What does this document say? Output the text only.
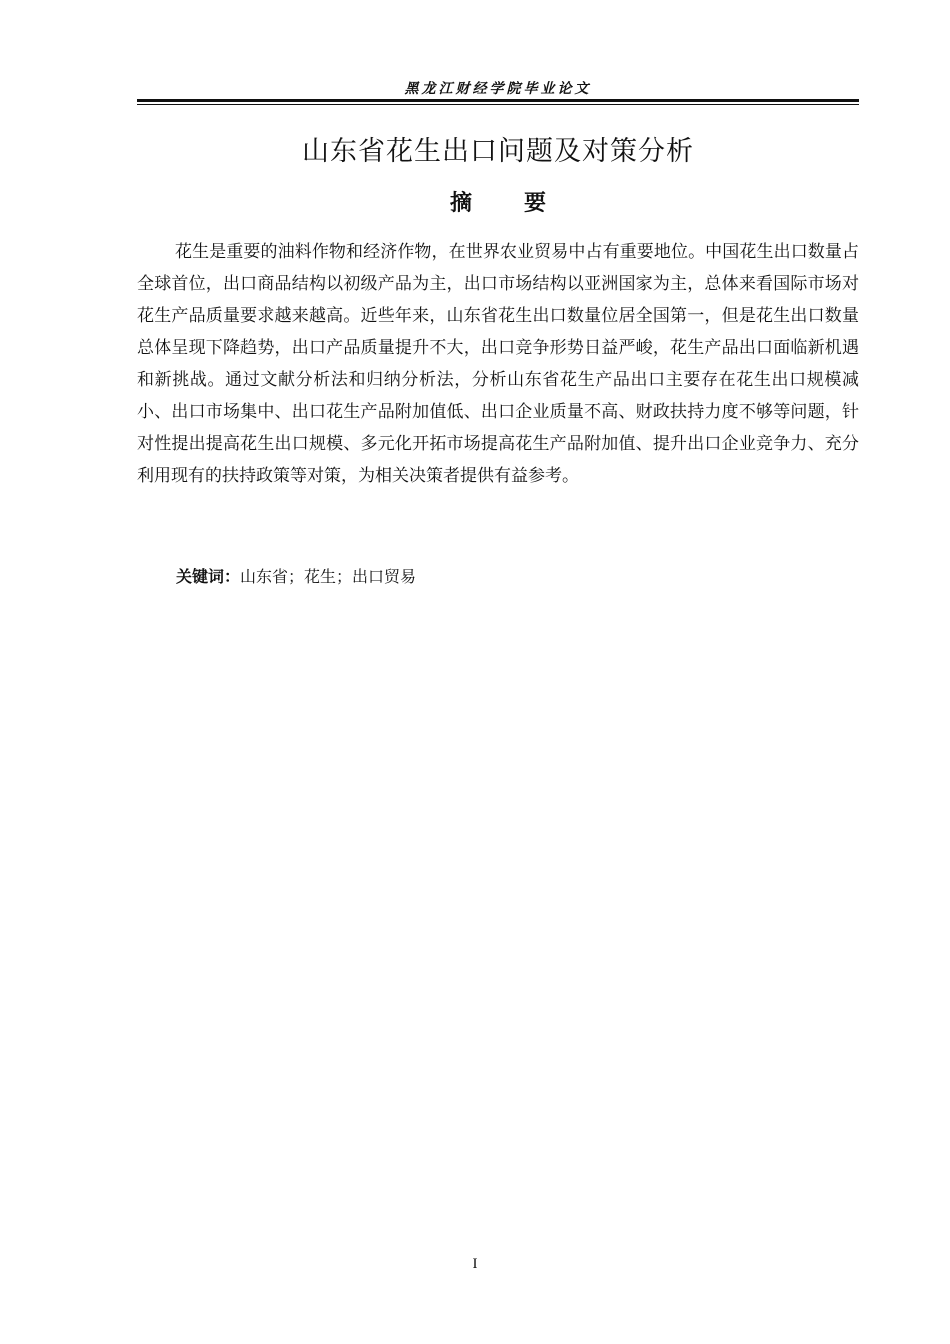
黑龙江财经学院毕业论文
山东省花生出口问题及对策分析
摘 要
花生是重要的油料作物和经济作物，在世界农业贸易中占有重要地位。中国花生出口数量占全球首位，出口商品结构以初级产品为主，出口市场结构以亚洲国家为主，总体来看国际市场对花生产品质量要求越来越高。近些年来，山东省花生出口数量位居全国第一，但是花生出口数量总体呈现下降趋势，出口产品质量提升不大，出口竞争形势日益严峻，花生产品出口面临新机遇和新挑战。通过文献分析法和归纳分析法，分析山东省花生产品出口主要存在花生出口规模减小、出口市场集中、出口花生产品附加值低、出口企业质量不高、财政扶持力度不够等问题，针对性提出提高花生出口规模、多元化开拓市场提高花生产品附加值、提升出口企业竞争力、充分利用现有的扶持政策等对策，为相关决策者提供有益参考。
关键词：山东省；花生；出口贸易
I
